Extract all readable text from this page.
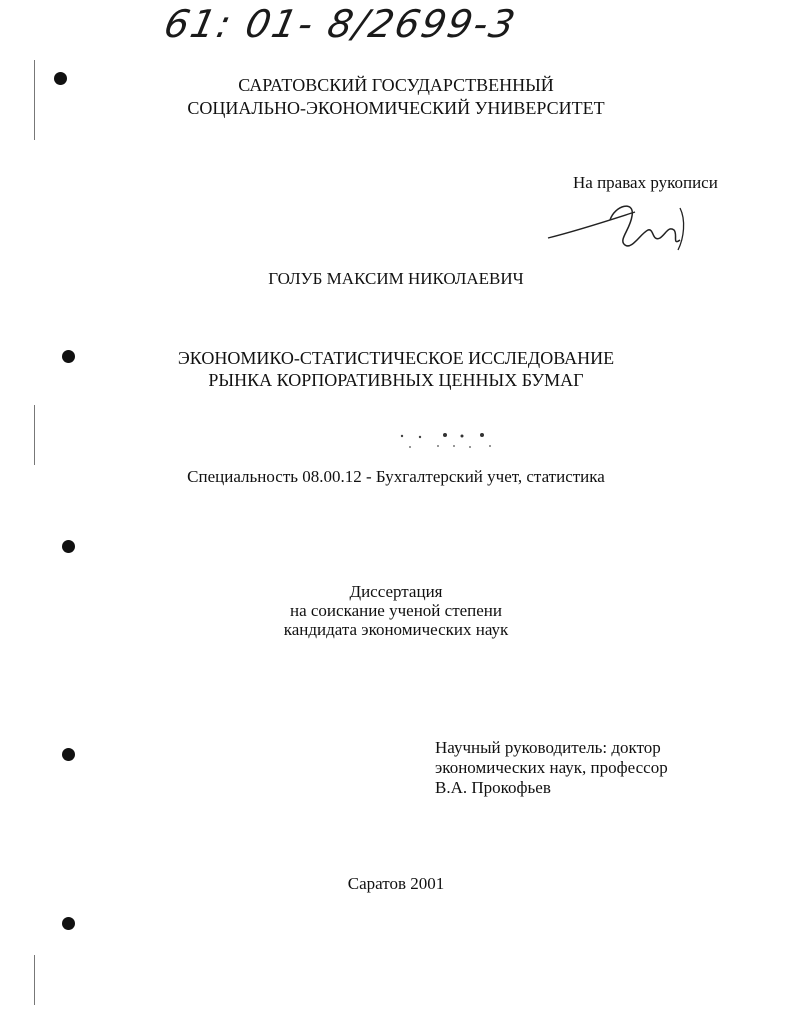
61: 01- 8/2699-3
САРАТОВСКИЙ ГОСУДАРСТВЕННЫЙ
СОЦИАЛЬНО-ЭКОНОМИЧЕСКИЙ УНИВЕРСИТЕТ
На правах рукописи
ГОЛУБ МАКСИМ НИКОЛАЕВИЧ
ЭКОНОМИКО-СТАТИСТИЧЕСКОЕ ИССЛЕДОВАНИЕ
РЫНКА КОРПОРАТИВНЫХ ЦЕННЫХ БУМАГ
Специальность 08.00.12 - Бухгалтерский учет, статистика
Диссертация
на соискание ученой степени
кандидата экономических наук
Научный руководитель: доктор
экономических наук, профессор
В.А. Прокофьев
Саратов 2001
